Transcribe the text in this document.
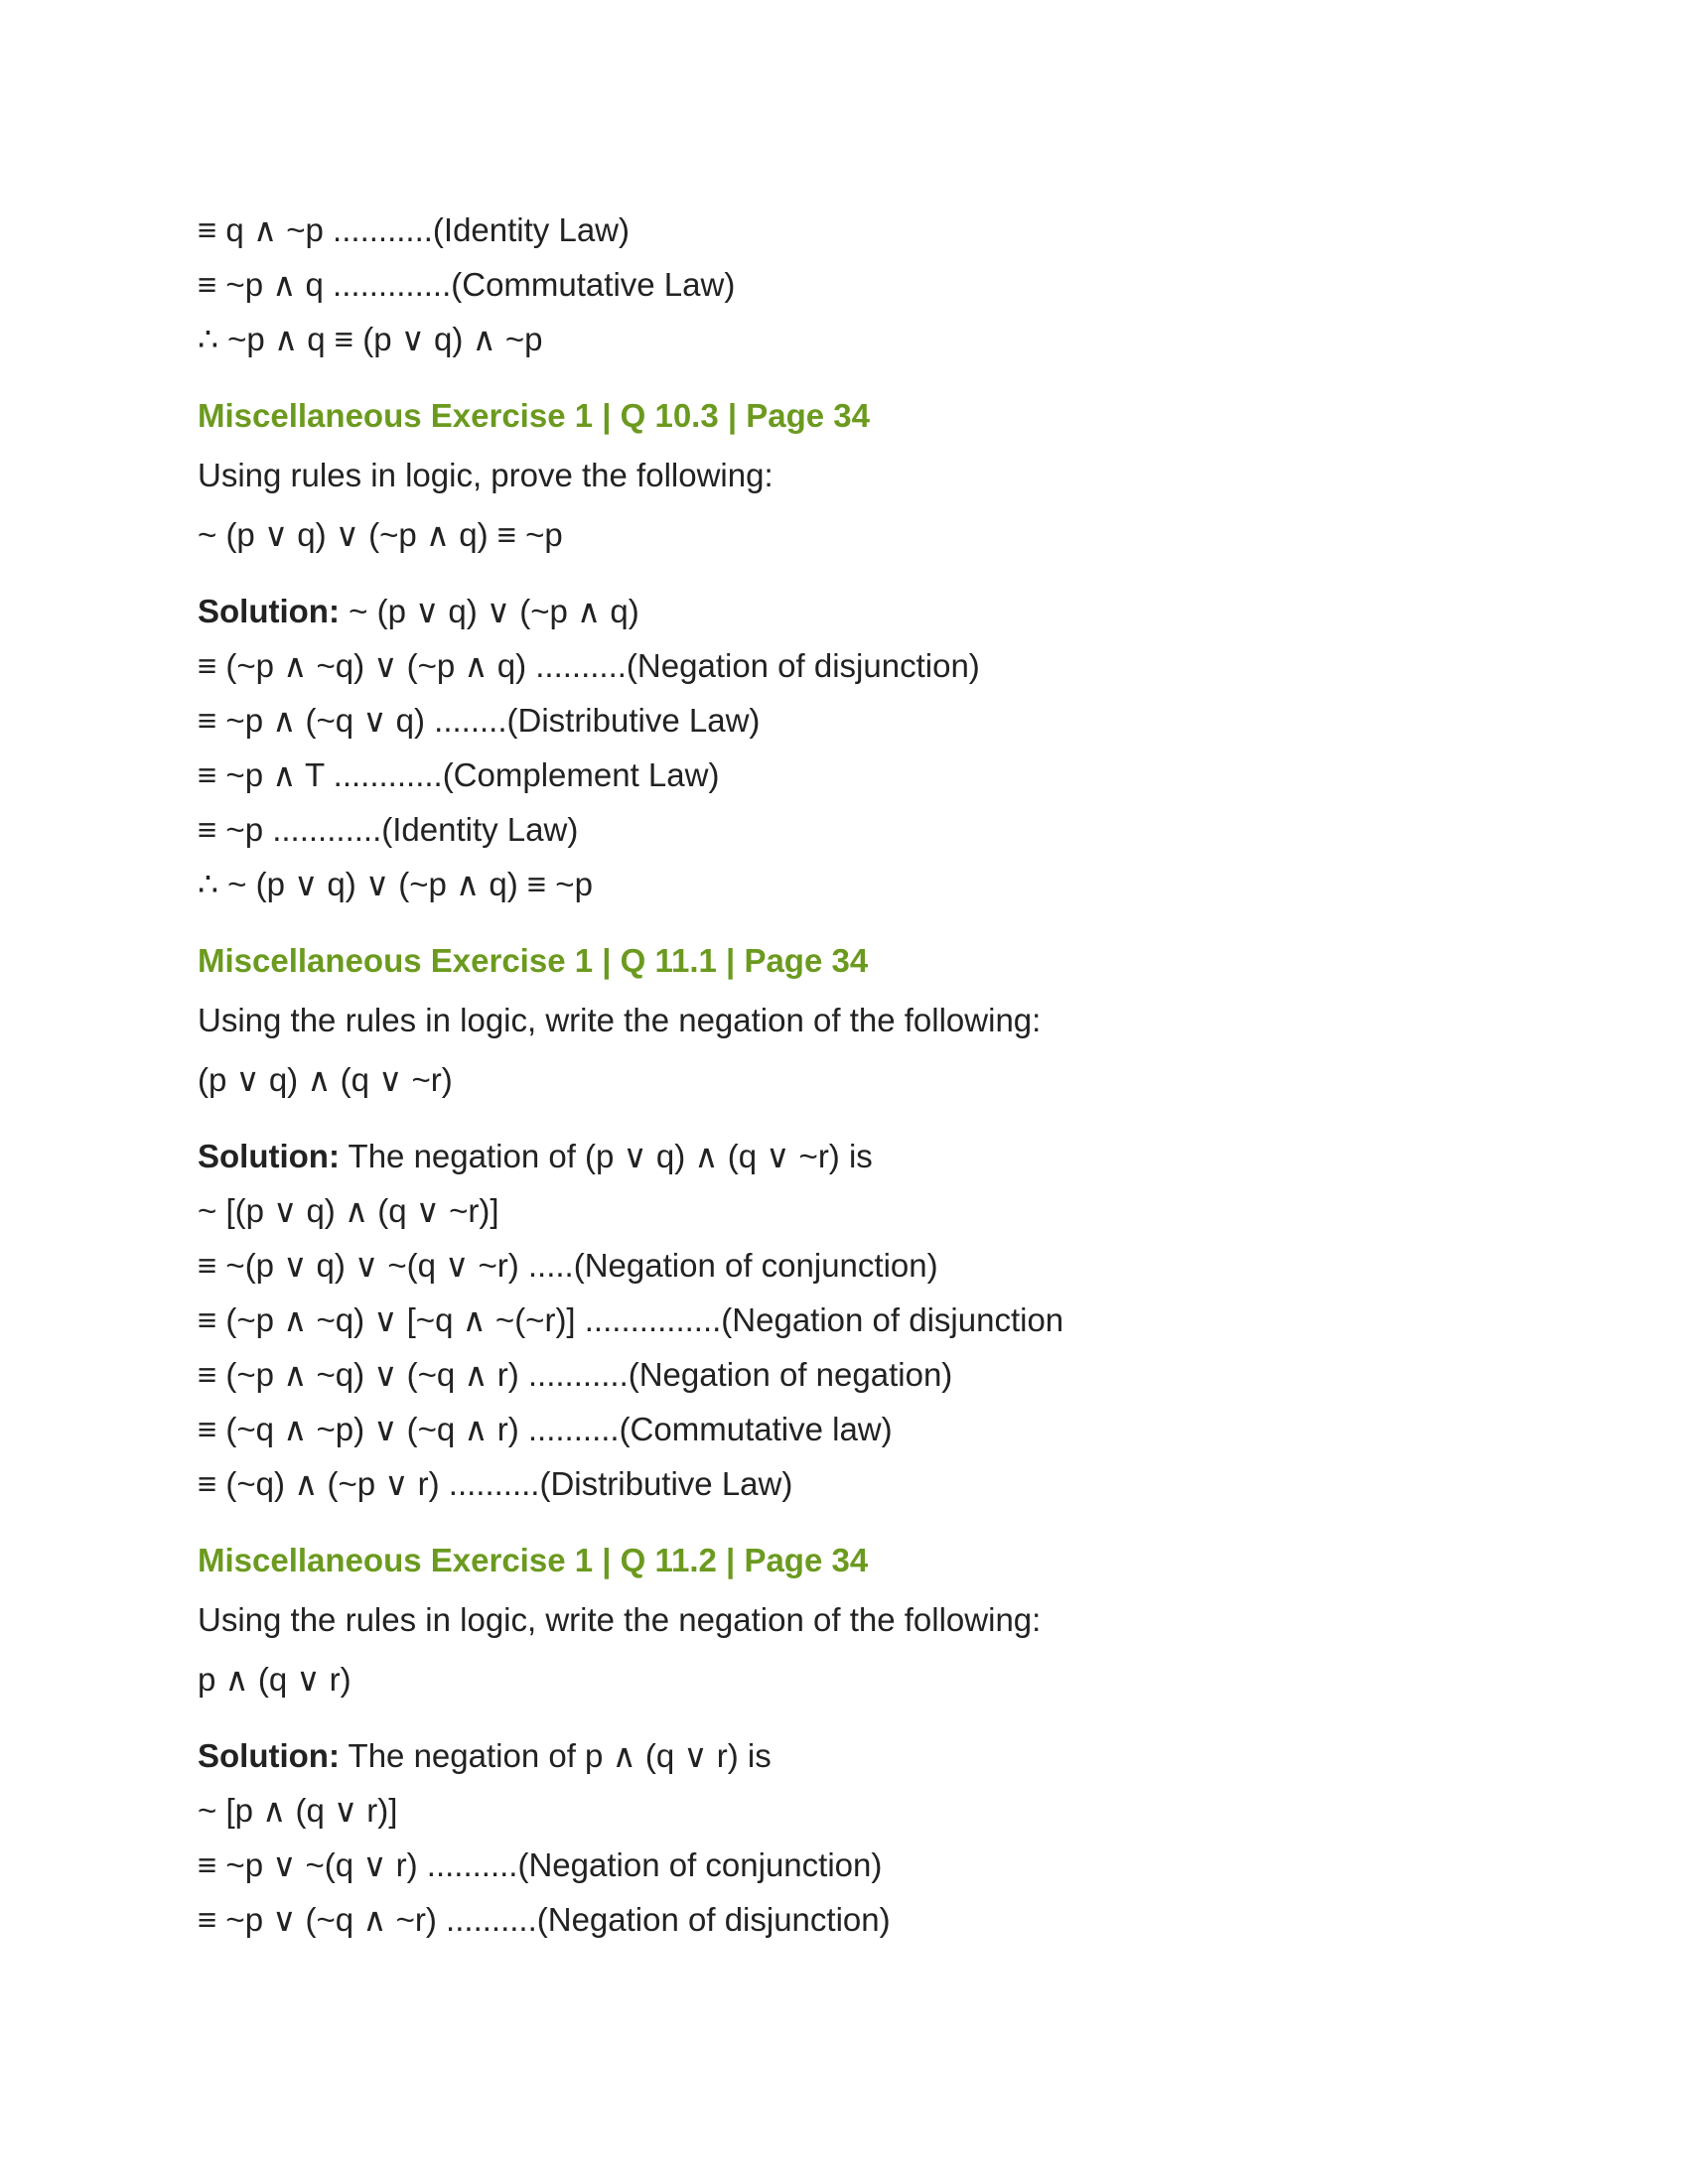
≡ q ∧ ~p ...........(Identity Law)
≡ ~p ∧ q .............(Commutative Law)
∴ ~p ∧ q ≡ (p ∨ q) ∧ ~p
Miscellaneous Exercise 1 | Q 10.3 | Page 34
Using rules in logic, prove the following:
~ (p ∨ q) ∨ (~p ∧ q) ≡ ~p
Solution: ~ (p ∨ q) ∨ (~p ∧ q)
≡ (~p ∧ ~q) ∨ (~p ∧ q) ..........(Negation of disjunction)
≡ ~p ∧ (~q ∨ q) ........(Distributive Law)
≡ ~p ∧ T ............(Complement Law)
≡ ~p ............(Identity Law)
∴ ~ (p ∨ q) ∨ (~p ∧ q) ≡ ~p
Miscellaneous Exercise 1 | Q 11.1 | Page 34
Using the rules in logic, write the negation of the following:
(p ∨ q) ∧ (q ∨ ~r)
Solution: The negation of (p ∨ q) ∧ (q ∨ ~r) is
~ [(p ∨ q) ∧ (q ∨ ~r)]
≡ ~(p ∨ q) ∨ ~(q ∨ ~r) .....(Negation of conjunction)
≡ (~p ∧ ~q) ∨ [~q ∧ ~(~r)] ...............(Negation of disjunction
≡ (~p ∧ ~q) ∨ (~q ∧ r) ...........(Negation of negation)
≡ (~q ∧ ~p) ∨ (~q ∧ r) ..........(Commutative law)
≡ (~q) ∧ (~p ∨ r) ..........(Distributive Law)
Miscellaneous Exercise 1 | Q 11.2 | Page 34
Using the rules in logic, write the negation of the following:
p ∧ (q ∨ r)
Solution: The negation of p ∧ (q ∨ r) is
~ [p ∧ (q ∨ r)]
≡ ~p ∨ ~(q ∨ r) ..........(Negation of conjunction)
≡ ~p ∨ (~q ∧ ~r) ..........(Negation of disjunction)
